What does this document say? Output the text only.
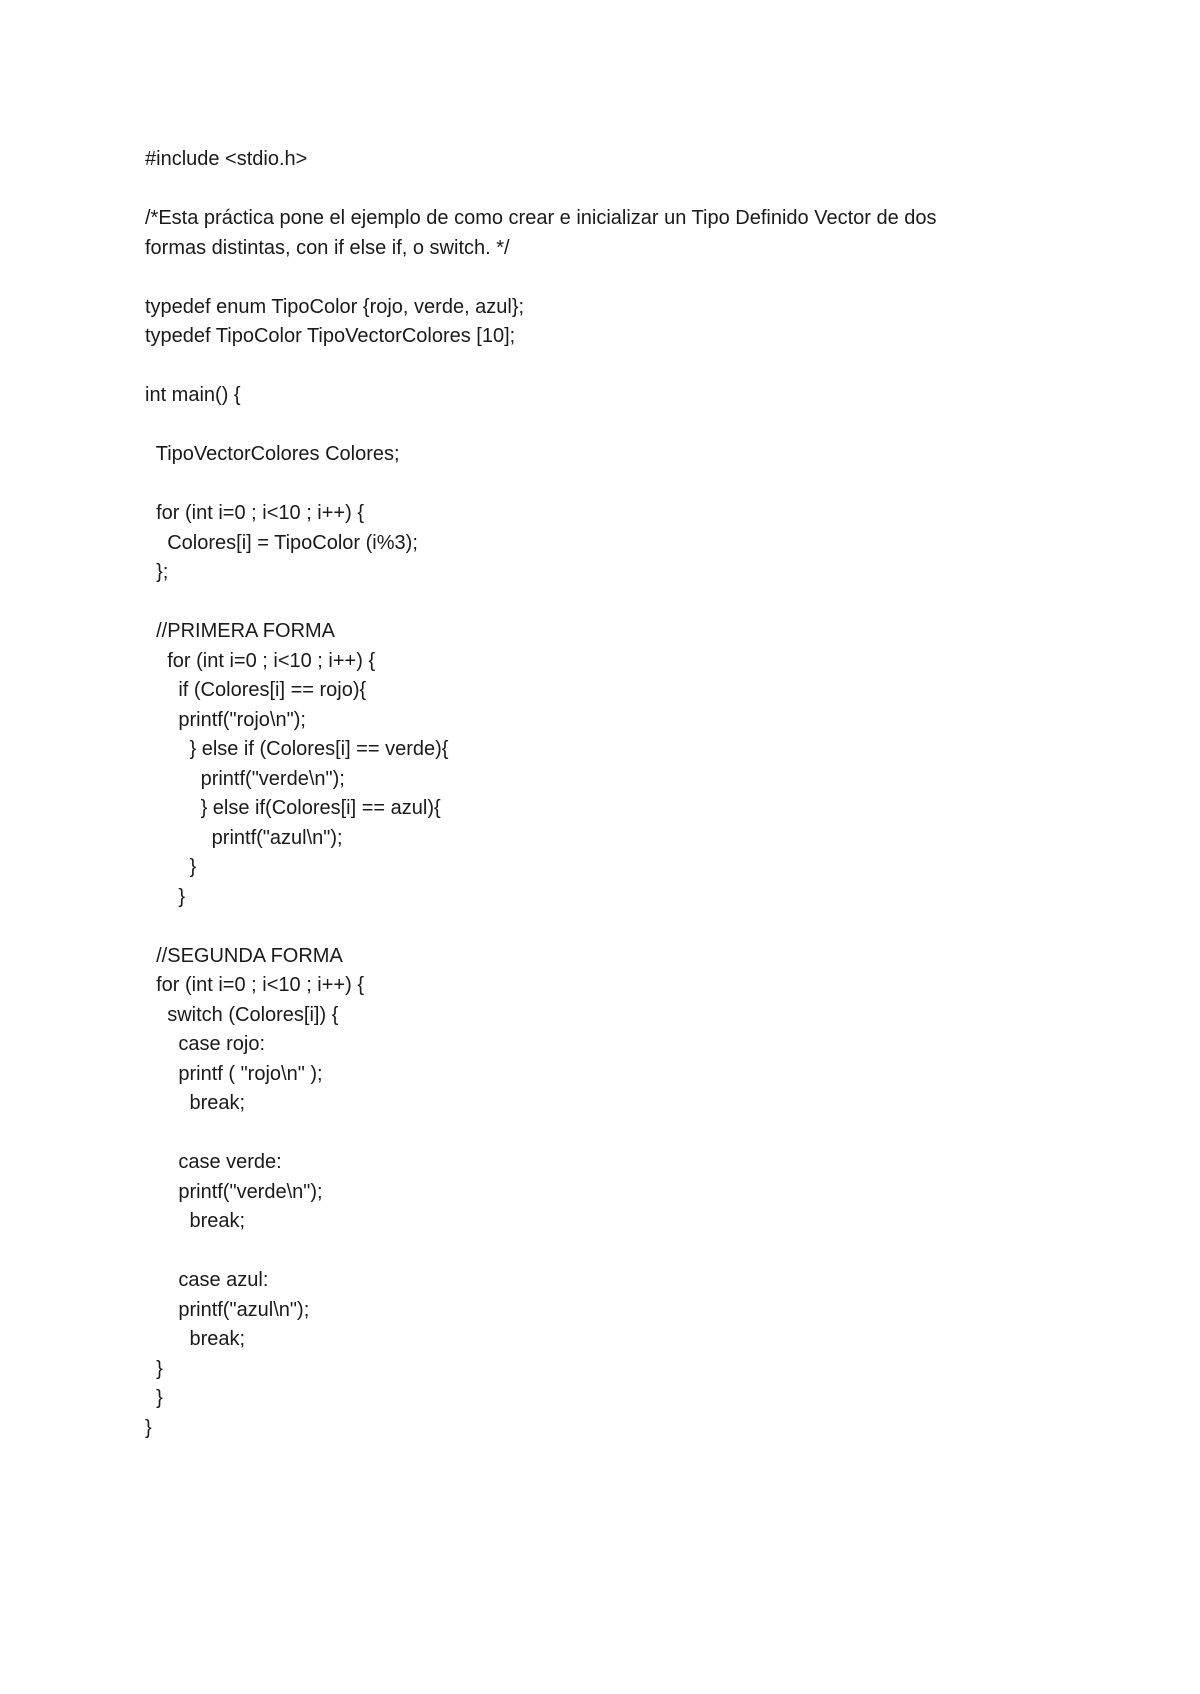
#include <stdio.h>
/*Esta práctica pone el ejemplo de como crear e inicializar un Tipo Definido Vector de dos
formas distintas, con if else if, o switch. */
typedef enum TipoColor {rojo, verde, azul};
typedef TipoColor TipoVectorColores [10];
int main() {
TipoVectorColores Colores;
for (int i=0 ; i<10 ; i++) {
Colores[i] = TipoColor (i%3);
};
//PRIMERA FORMA
for (int i=0 ; i<10 ; i++) {
if (Colores[i] == rojo){
printf("rojo\n");
} else if (Colores[i] == verde){
printf("verde\n");
} else if(Colores[i] == azul){
printf("azul\n");
}
}
//SEGUNDA FORMA
for (int i=0 ; i<10 ; i++) {
switch (Colores[i]) {
case rojo:
printf ( "rojo\n" );
break;
case verde:
printf("verde\n");
break;
case azul:
printf("azul\n");
break;
}
}
}
